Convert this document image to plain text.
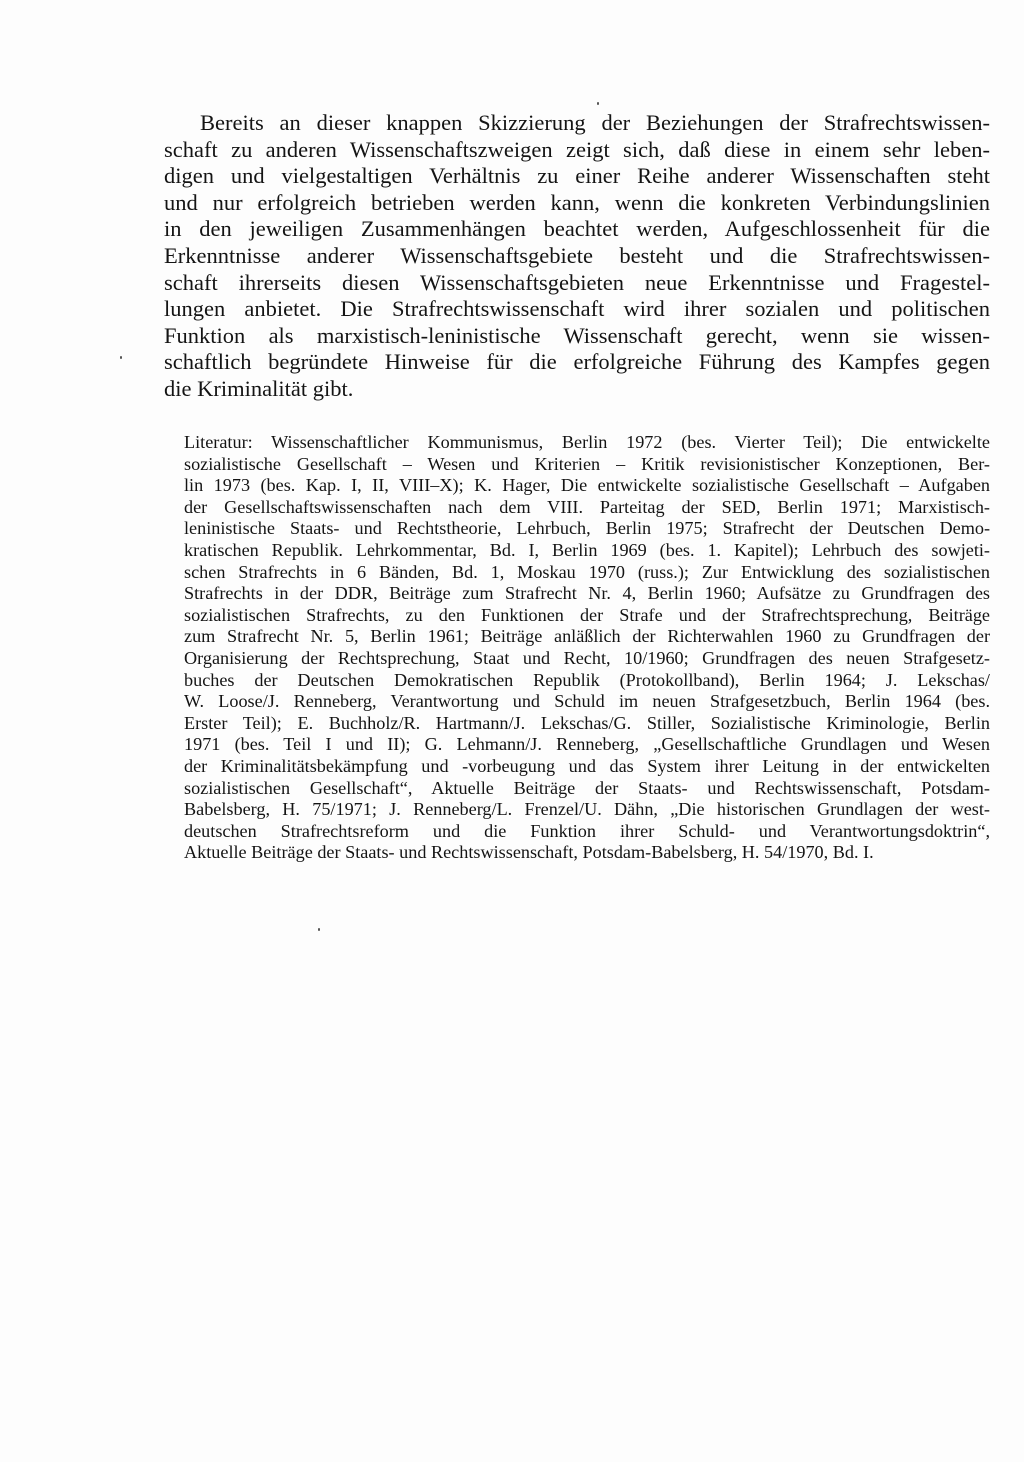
Bereits an dieser knappen Skizzierung der Beziehungen der Strafrechtswissen-
schaft zu anderen Wissenschaftszweigen zeigt sich, daß diese in einem sehr leben-
digen und vielgestaltigen Verhältnis zu einer Reihe anderer Wissenschaften steht
und nur erfolgreich betrieben werden kann, wenn die konkreten Verbindungslinien
in den jeweiligen Zusammenhängen beachtet werden, Aufgeschlossenheit für die
Erkenntnisse anderer Wissenschaftsgebiete besteht und die Strafrechtswissen-
schaft ihrerseits diesen Wissenschaftsgebieten neue Erkenntnisse und Fragestel-
lungen anbietet. Die Strafrechtswissenschaft wird ihrer sozialen und politischen
Funktion als marxistisch-leninistische Wissenschaft gerecht, wenn sie wissen-
schaftlich begründete Hinweise für die erfolgreiche Führung des Kampfes gegen
die Kriminalität gibt.

Literatur: Wissenschaftlicher Kommunismus, Berlin 1972 (bes. Vierter Teil); Die entwickelte
sozialistische Gesellschaft – Wesen und Kriterien – Kritik revisionistischer Konzeptionen, Ber-
lin 1973 (bes. Kap. I, II, VIII–X); K. Hager, Die entwickelte sozialistische Gesellschaft – Aufgaben
der Gesellschaftswissenschaften nach dem VIII. Parteitag der SED, Berlin 1971; Marxistisch-
leninistische Staats- und Rechtstheorie, Lehrbuch, Berlin 1975; Strafrecht der Deutschen Demo-
kratischen Republik. Lehrkommentar, Bd. I, Berlin 1969 (bes. 1. Kapitel); Lehrbuch des sowjeti-
schen Strafrechts in 6 Bänden, Bd. 1, Moskau 1970 (russ.); Zur Entwicklung des sozialistischen
Strafrechts in der DDR, Beiträge zum Strafrecht Nr. 4, Berlin 1960; Aufsätze zu Grundfragen des
sozialistischen Strafrechts, zu den Funktionen der Strafe und der Strafrechtsprechung, Beiträge
zum Strafrecht Nr. 5, Berlin 1961; Beiträge anläßlich der Richterwahlen 1960 zu Grundfragen der
Organisierung der Rechtsprechung, Staat und Recht, 10/1960; Grundfragen des neuen Strafgesetz-
buches der Deutschen Demokratischen Republik (Protokollband), Berlin 1964; J. Lekschas/
W. Loose/J. Renneberg, Verantwortung und Schuld im neuen Strafgesetzbuch, Berlin 1964 (bes.
Erster Teil); E. Buchholz/R. Hartmann/J. Lekschas/G. Stiller, Sozialistische Kriminologie, Berlin
1971 (bes. Teil I und II); G. Lehmann/J. Renneberg, „Gesellschaftliche Grundlagen und Wesen
der Kriminalitätsbekämpfung und -vorbeugung und das System ihrer Leitung in der entwickelten
sozialistischen Gesellschaft“, Aktuelle Beiträge der Staats- und Rechtswissenschaft, Potsdam-
Babelsberg, H. 75/1971; J. Renneberg/L. Frenzel/U. Dähn, „Die historischen Grundlagen der west-
deutschen Strafrechtsreform und die Funktion ihrer Schuld- und Verantwortungsdoktrin“,
Aktuelle Beiträge der Staats- und Rechtswissenschaft, Potsdam-Babelsberg, H. 54/1970, Bd. I.
